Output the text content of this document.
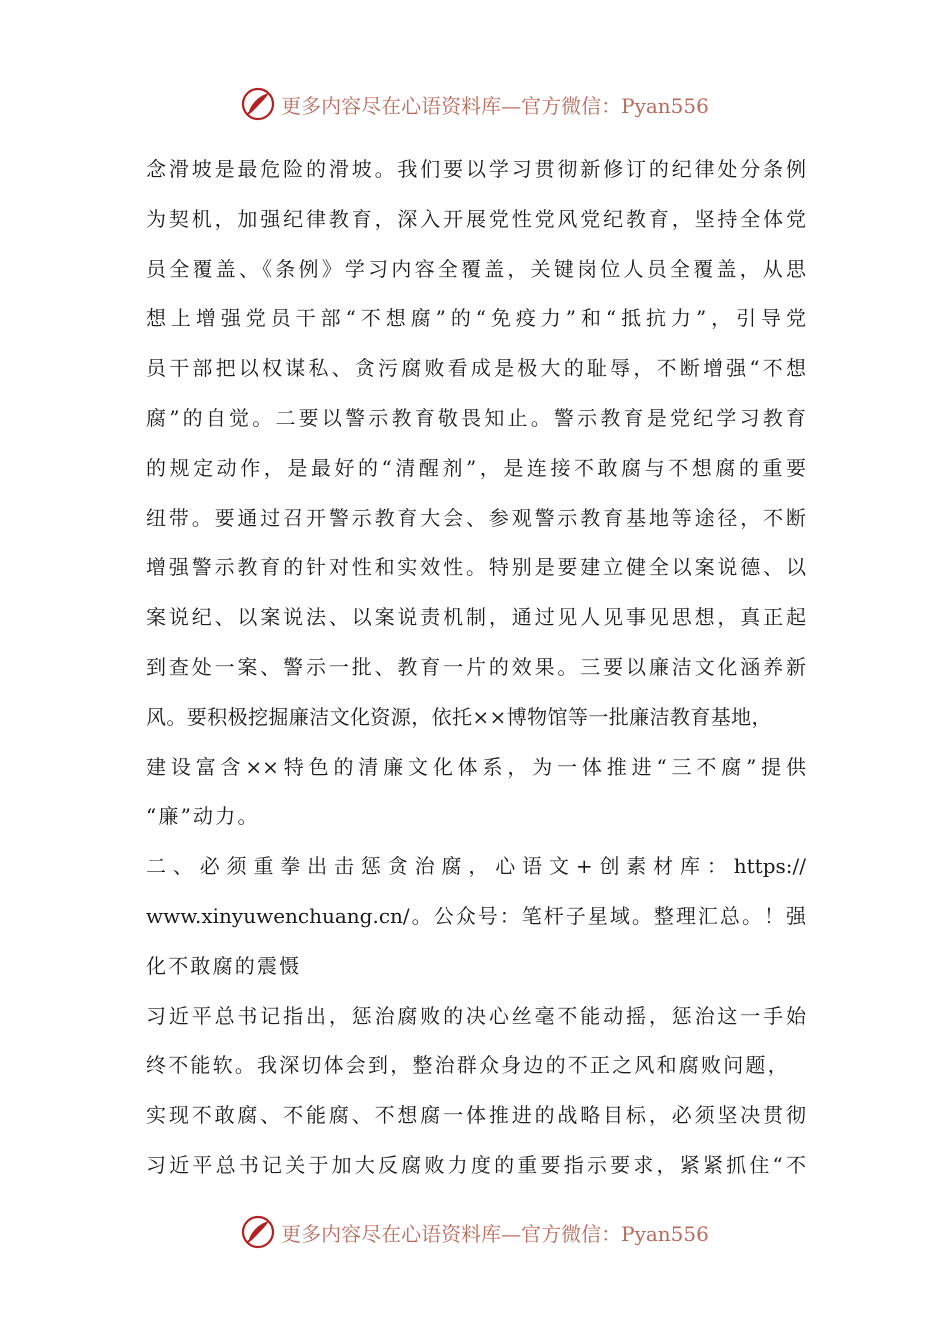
更多内容尽在心语资料库—官方微信：Pyan556
念滑坡是最危险的滑坡。我们要以学习贯彻新修订的纪律处分条例
为契机，加强纪律教育，深入开展党性党风党纪教育，坚持全体党
员全覆盖、《条例》学习内容全覆盖，关键岗位人员全覆盖，从思
想上增强党员干部“不想腐”的“免疫力”和“抵抗力”，引导党
员干部把以权谋私、贪污腐败看成是极大的耻辱，不断增强“不想
腐”的自觉。二要以警示教育敬畏知止。警示教育是党纪学习教育
的规定动作，是最好的“清醒剂”，是连接不敢腐与不想腐的重要
纽带。要通过召开警示教育大会、参观警示教育基地等途径，不断
增强警示教育的针对性和实效性。特别是要建立健全以案说德、以
案说纪、以案说法、以案说责机制，通过见人见事见思想，真正起
到查处一案、警示一批、教育一片的效果。三要以廉洁文化涵养新
风。要积极挖掘廉洁文化资源，依托××博物馆等一批廉洁教育基地，
建设富含××特色的清廉文化体系，为一体推进“三不腐”提供
“廉”动力。
二、必须重拳出击惩贪治腐，心语文+创素材库：https://
www.xinyuwenchuang.cn/。公众号：笔杆子星域。整理汇总。！强
化不敢腐的震慑
习近平总书记指出，惩治腐败的决心丝毫不能动摇，惩治这一手始
终不能软。我深切体会到，整治群众身边的不正之风和腐败问题，
实现不敢腐、不能腐、不想腐一体推进的战略目标，必须坚决贯彻
习近平总书记关于加大反腐败力度的重要指示要求，紧紧抓住“不
更多内容尽在心语资料库—官方微信：Pyan556
